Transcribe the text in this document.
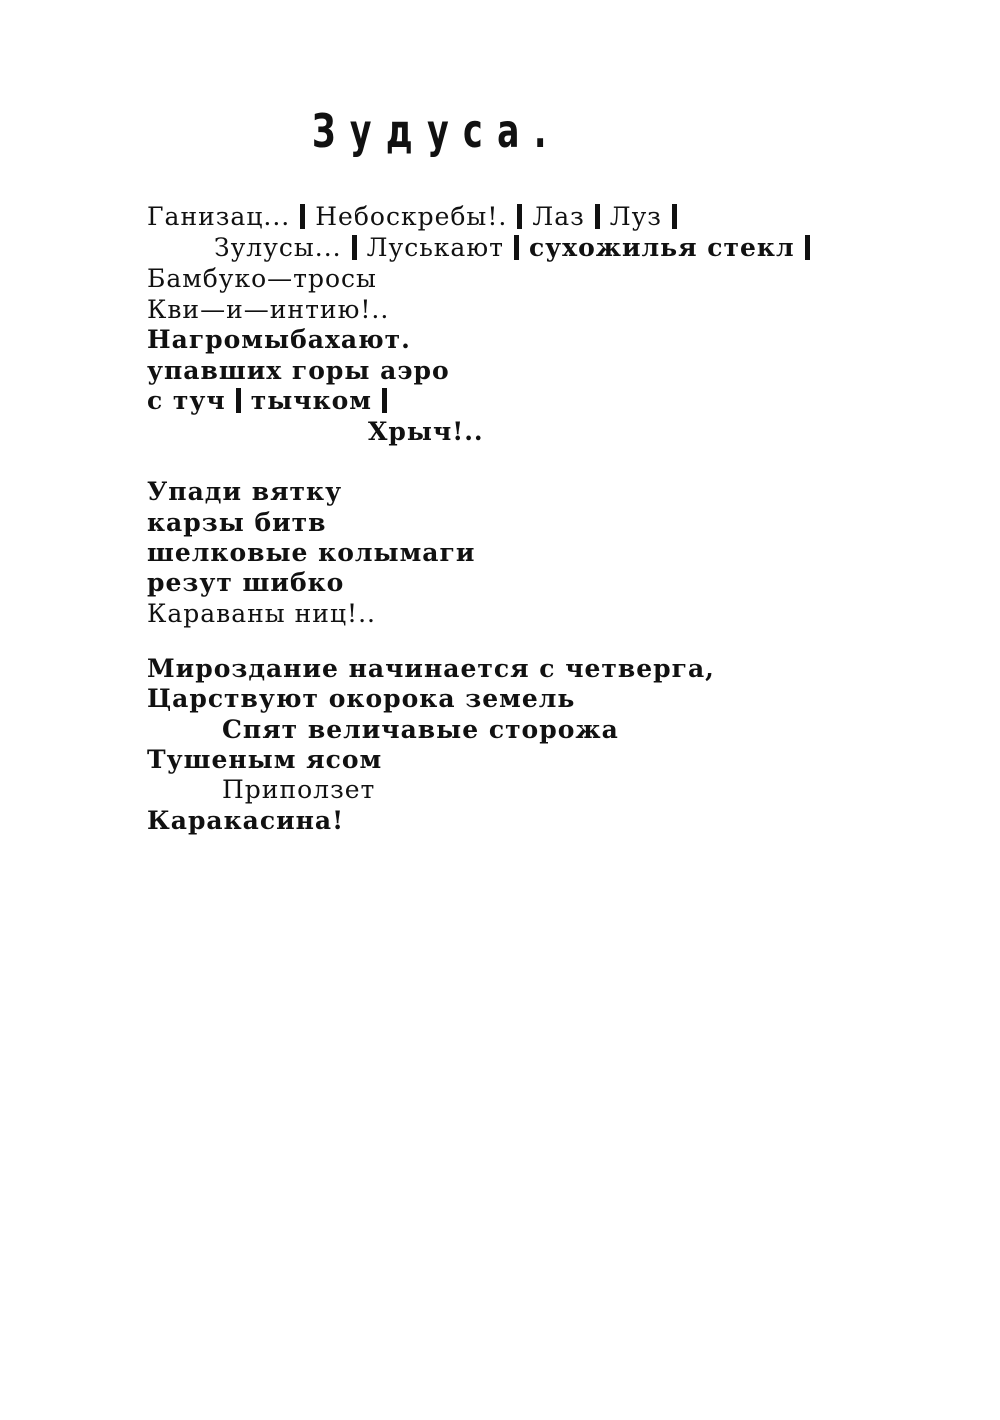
Зудуса.
Ганизац... Небоскребы!. Лаз Луз
Зулусы... Луськают сухожилья стекл
Бамбуко—тросы
Кви—и—интию!..
Нагромыбахают.
упавших горы аэро
с туч тычком
Хрыч!..
Упади вятку
карзы битв
шелковые колымаги
резут шибко
Караваны ниц!..
Мироздание начинается с четверга,
Царствуют окорока земель
Спят величавые сторожа
Тушеным ясом
Приползет
Каракасина!
